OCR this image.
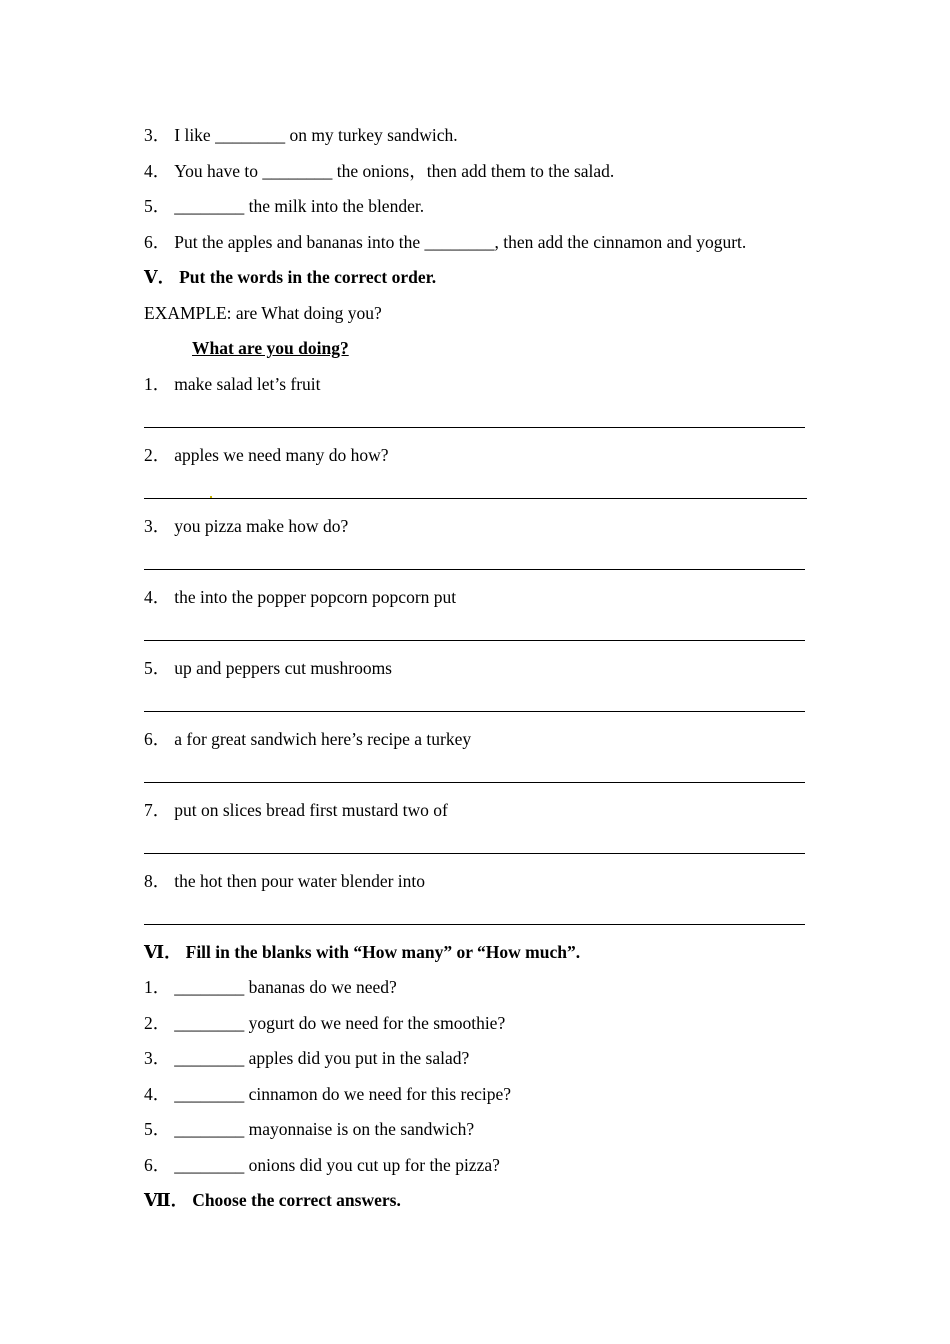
3． I like ________ on my turkey sandwich.
4． You have to ________ the onions，then add them to the salad.
5． ________ the milk into the blender.
6． Put the apples and bananas into the ________, then add the cinnamon and yogurt.
Ⅴ． Put the words in the correct order.
EXAMPLE: are What doing you?
What are you doing?
1． make salad let’s fruit
2． apples we need many do how?
3． you pizza make how do?
4． the into the popper popcorn popcorn put
5． up and peppers cut mushrooms
6． a for great sandwich here’s recipe a turkey
7． put on slices bread first mustard two of
8． the hot then pour water blender into
Ⅵ． Fill in the blanks with “How many” or “How much”.
1． ________ bananas do we need?
2． ________ yogurt do we need for the smoothie?
3． ________ apples did you put in the salad?
4． ________ cinnamon do we need for this recipe?
5． ________ mayonnaise is on the sandwich?
6． ________ onions did you cut up for the pizza?
Ⅶ． Choose the correct answers.
